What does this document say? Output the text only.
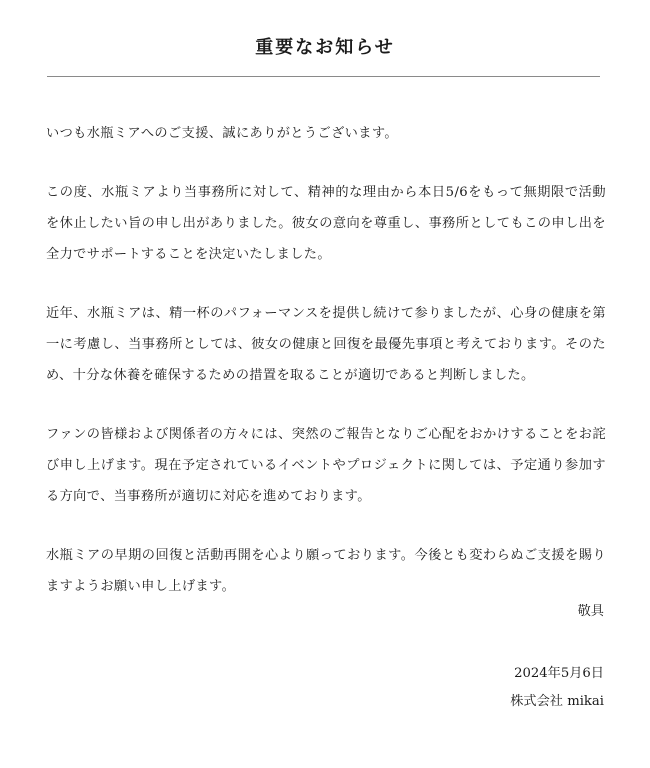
重要なお知らせ

いつも水瓶ミアへのご支援、誠にありがとうございます。

この度、水瓶ミアより当事務所に対して、精神的な理由から本日5/6をもって無期限で活動を休止したい旨の申し出がありました。彼女の意向を尊重し、事務所としてもこの申し出を全力でサポートすることを決定いたしました。

近年、水瓶ミアは、精一杯のパフォーマンスを提供し続けて参りましたが、心身の健康を第一に考慮し、当事務所としては、彼女の健康と回復を最優先事項と考えております。そのため、十分な休養を確保するための措置を取ることが適切であると判断しました。

ファンの皆様および関係者の方々には、突然のご報告となりご心配をおかけすることをお詫び申し上げます。現在予定されているイベントやプロジェクトに関しては、予定通り参加する方向で、当事務所が適切に対応を進めております。

水瓶ミアの早期の回復と活動再開を心より願っております。今後とも変わらぬご支援を賜りますようお願い申し上げます。

敬具
2024年5月6日
株式会社 mikai
